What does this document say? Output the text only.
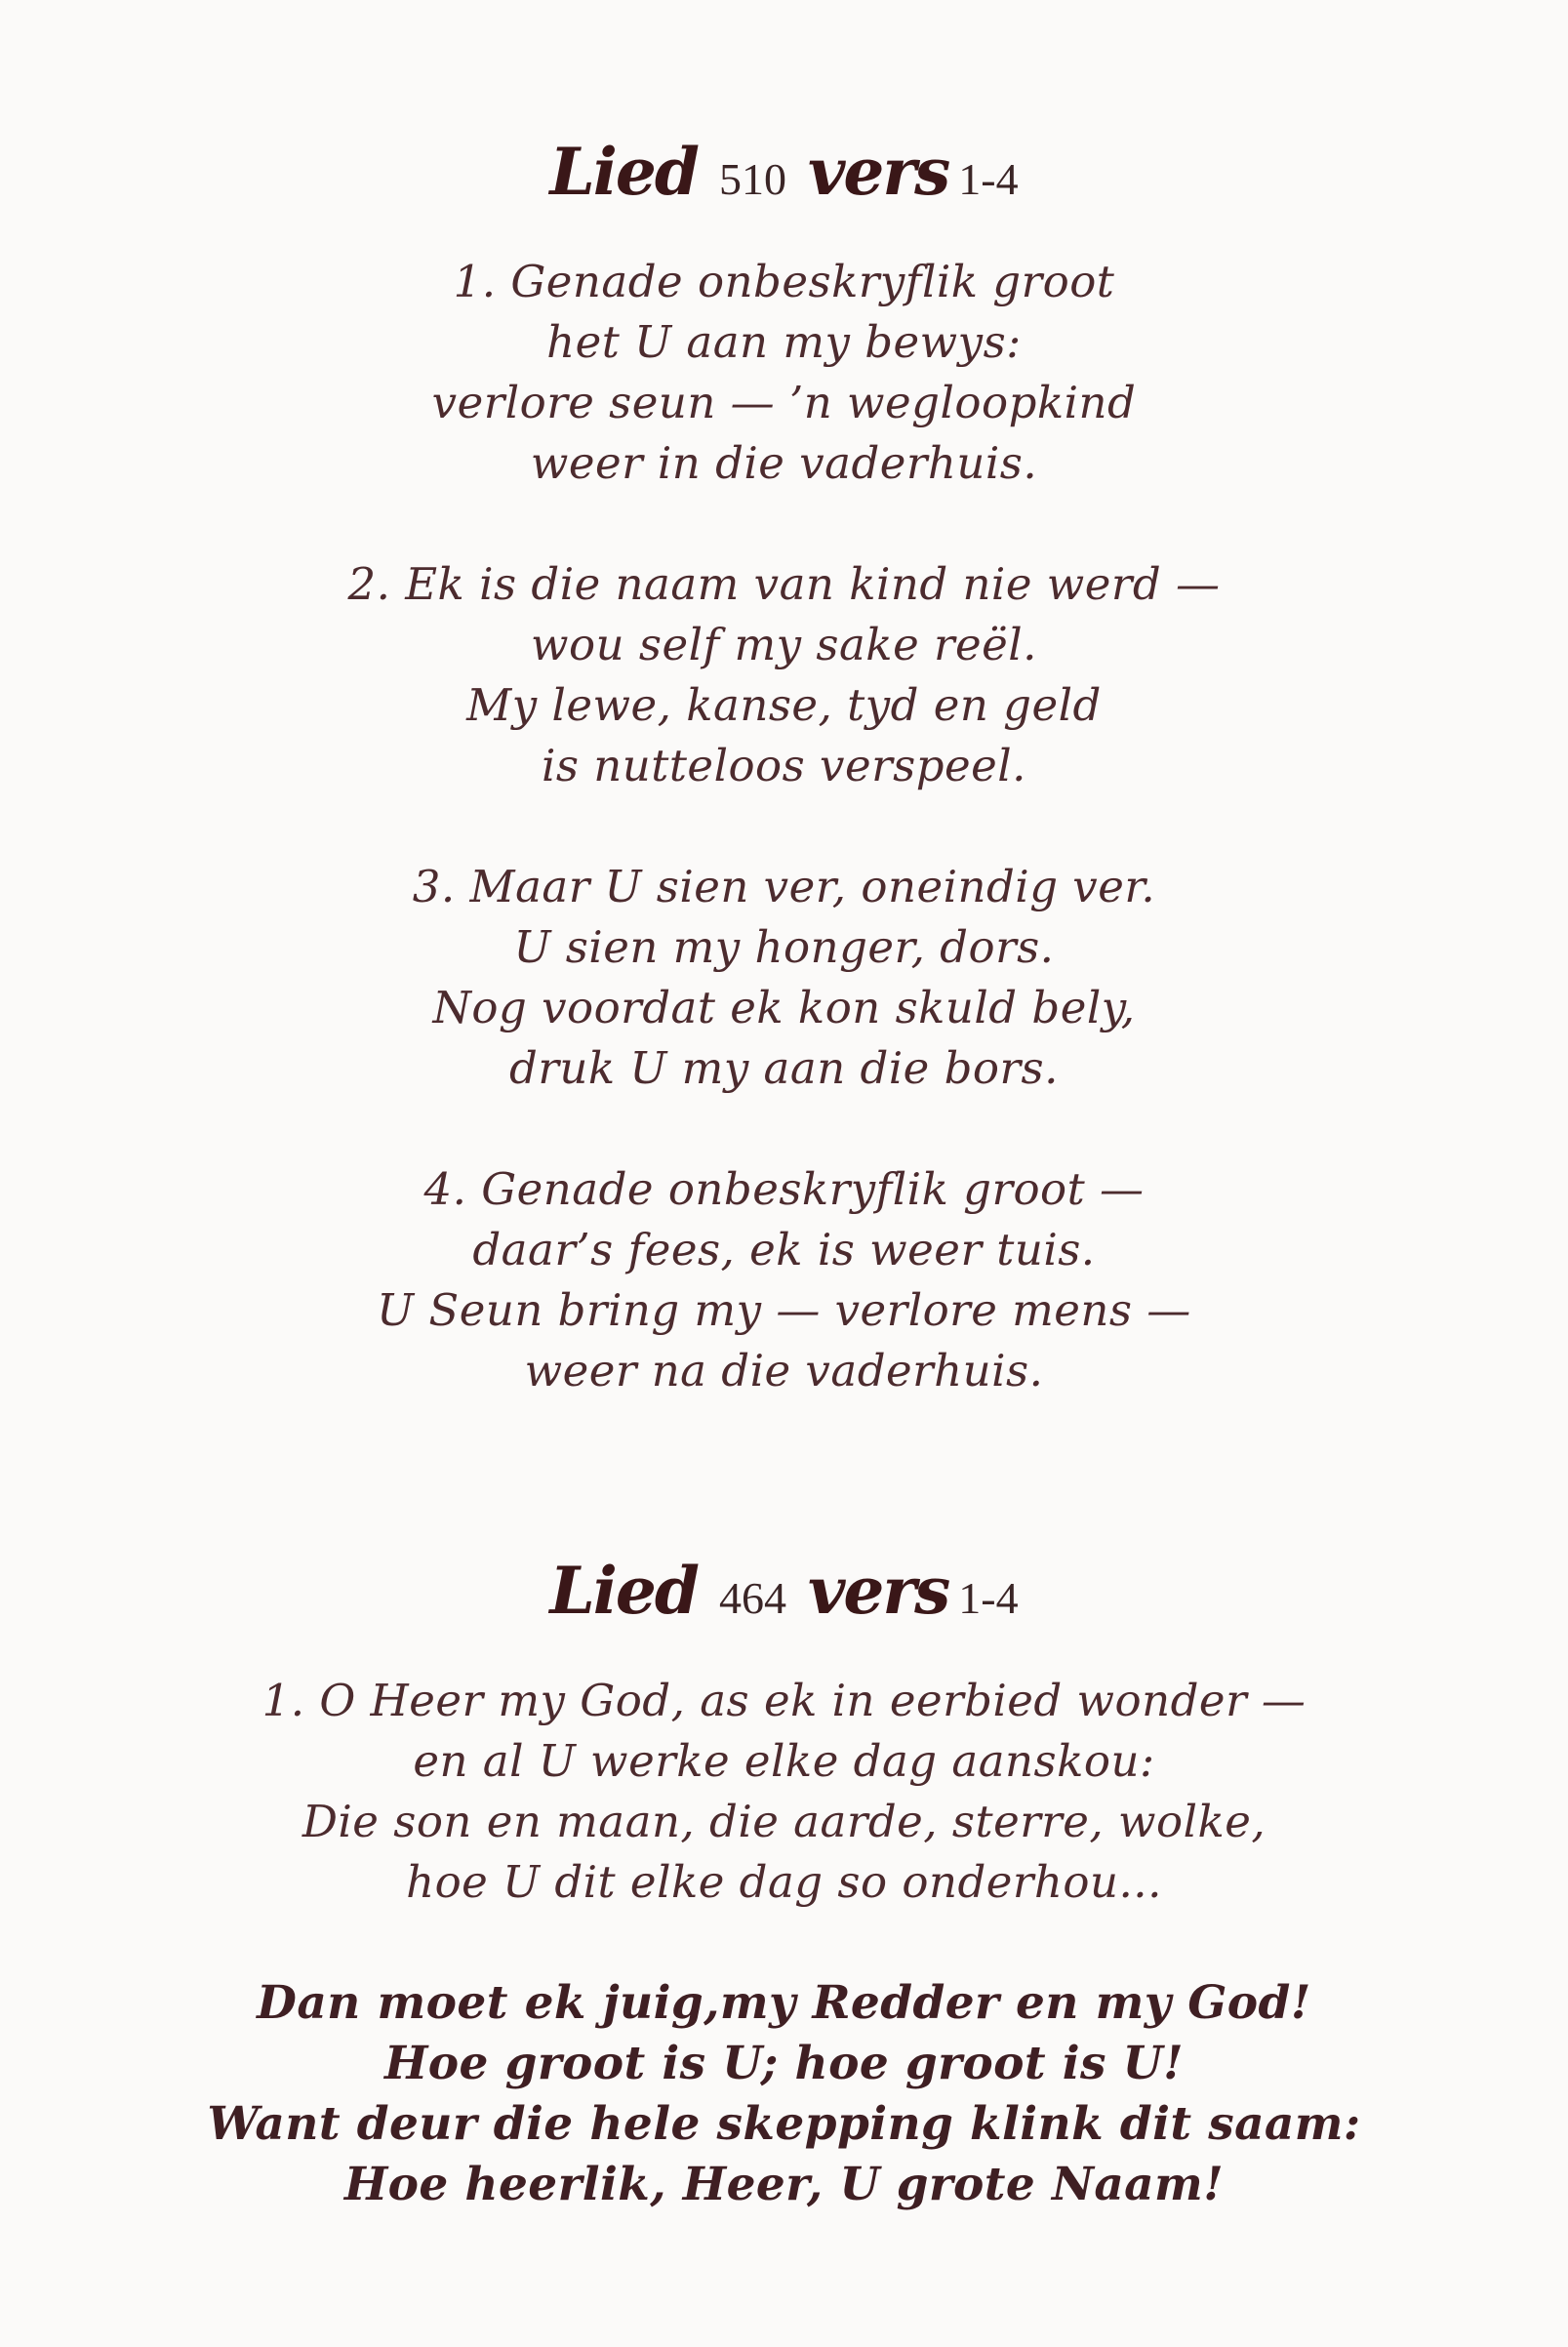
Lied 510 vers 1-4
1. Genade onbeskryflik groot
het U aan my bewys:
verlore seun — ’n wegloopkind
weer in die vaderhuis.
2. Ek is die naam van kind nie werd —
wou self my sake reël.
My lewe, kanse, tyd en geld
is nutteloos verspeel.
3. Maar U sien ver, oneindig ver.
U sien my honger, dors.
Nog voordat ek kon skuld bely,
druk U my aan die bors.
4. Genade onbeskryflik groot —
daar’s fees, ek is weer tuis.
U Seun bring my — verlore mens —
weer na die vaderhuis.
Lied 464 vers 1-4
1. O Heer my God, as ek in eerbied wonder —
en al U werke elke dag aanskou:
Die son en maan, die aarde, sterre, wolke,
hoe U dit elke dag so onderhou...
Dan moet ek juig,my Redder en my God!
Hoe groot is U; hoe groot is U!
Want deur die hele skepping klink dit saam:
Hoe heerlik, Heer, U grote Naam!
